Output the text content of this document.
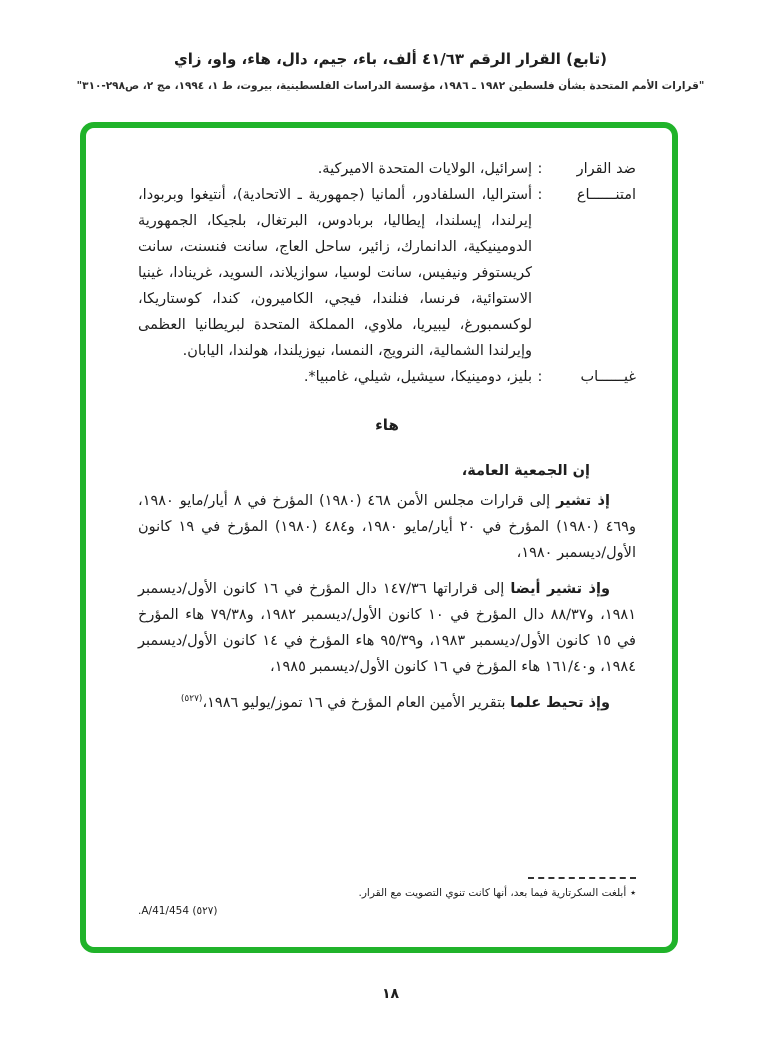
(تابع) القرار الرقم ٤١/٦٣ ألف، باء، جيم، دال، هاء، واو، زاي
"قرارات الأمم المتحدة بشأن فلسطين ١٩٨٢ ـ ١٩٨٦، مؤسسة الدراسات الفلسطينية، بيروت، ط ١، ١٩٩٤، مج ٢، ص٢٩٨-٣١٠"
ضد القرار
:
إسرائيل، الولايات المتحدة الاميركية.
امتنــــــاع
:
أستراليا، السلفادور، ألمانيا (جمهورية ـ الاتحادية)، أنتيغوا وبربودا، إيرلندا، إيسلندا، إيطاليا، بربادوس، البرتغال، بلجيكا، الجمهورية الدومينيكية، الدانمارك، زائير، ساحل العاج، سانت فنسنت، سانت كريستوفر ونيفيس، سانت لوسيا، سوازيلاند، السويد، غرينادا، غينيا الاستوائية، فرنسا، فنلندا، فيجي، الكاميرون، كندا، كوستاريكا، لوكسمبورغ، ليبيريا، ملاوي، المملكة المتحدة لبريطانيا العظمى وإيرلندا الشمالية، النرويج، النمسا، نيوزيلندا، هولندا، اليابان.
غيــــــاب
:
بليز، دومينيكا، سيشيل، شيلي، غامبيا*.
هاء
إن الجمعية العامة،

إذ تشير إلى قرارات مجلس الأمن ٤٦٨ (١٩٨٠) المؤرخ في ٨ أيار/مايو ١٩٨٠، و٤٦٩ (١٩٨٠) المؤرخ في ٢٠ أيار/مايو ١٩٨٠، و٤٨٤ (١٩٨٠) المؤرخ في ١٩ كانون الأول/ديسمبر ١٩٨٠،

وإذ تشير أيضا إلى قراراتها ١٤٧/٣٦ دال المؤرخ في ١٦ كانون الأول/ديسمبر ١٩٨١، و٨٨/٣٧ دال المؤرخ في ١٠ كانون الأول/ديسمبر ١٩٨٢، و٧٩/٣٨ هاء المؤرخ في ١٥ كانون الأول/ديسمبر ١٩٨٣، و٩٥/٣٩ هاء المؤرخ في ١٤ كانون الأول/ديسمبر ١٩٨٤، و١٦١/٤٠ هاء المؤرخ في ١٦ كانون الأول/ديسمبر ١٩٨٥،

وإذ تحيط علما بتقرير الأمين العام المؤرخ في ١٦ تموز/يوليو ١٩٨٦،$^{(٥٢٧)}$

٭أبلغت السكرتارية فيما بعد، أنها كانت تنوي التصويت مع القرار.
(٥٢٧) A/41/454.
١٨
